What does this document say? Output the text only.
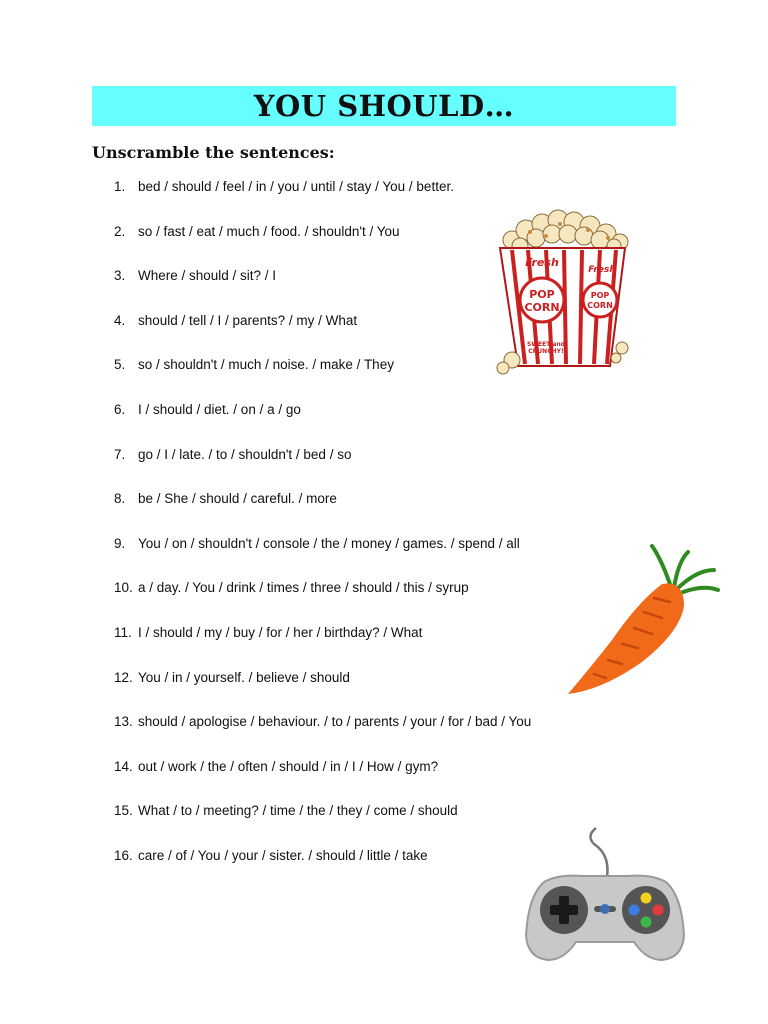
YOU SHOULD…
Unscramble the sentences:
1. bed / should / feel / in / you / until / stay / You / better.
2. so / fast / eat / much / food. / shouldn't / You
3. Where / should / sit? / I
4. should / tell / I / parents? / my / What
5. so / shouldn't / much / noise. / make / They
6. I / should / diet. / on / a / go
7. go / I / late. / to / shouldn't / bed / so
8. be / She / should / careful. / more
9. You / on / shouldn't / console / the / money / games. / spend / all
10. a / day. / You / drink / times / three / should / this / syrup
11. I / should / my / buy / for / her / birthday? / What
12. You / in / yourself. / believe / should
13. should / apologise / behaviour. / to / parents / your / for / bad / You
14. out / work / the / often / should / in / I / How / gym?
15. What / to / meeting? / time / the / they / come / should
16. care / of / You / your / sister. / should / little / take
Fresh
Fresh
POP
CORN
POP
CORN
SWEET and
CRUNCHY!
